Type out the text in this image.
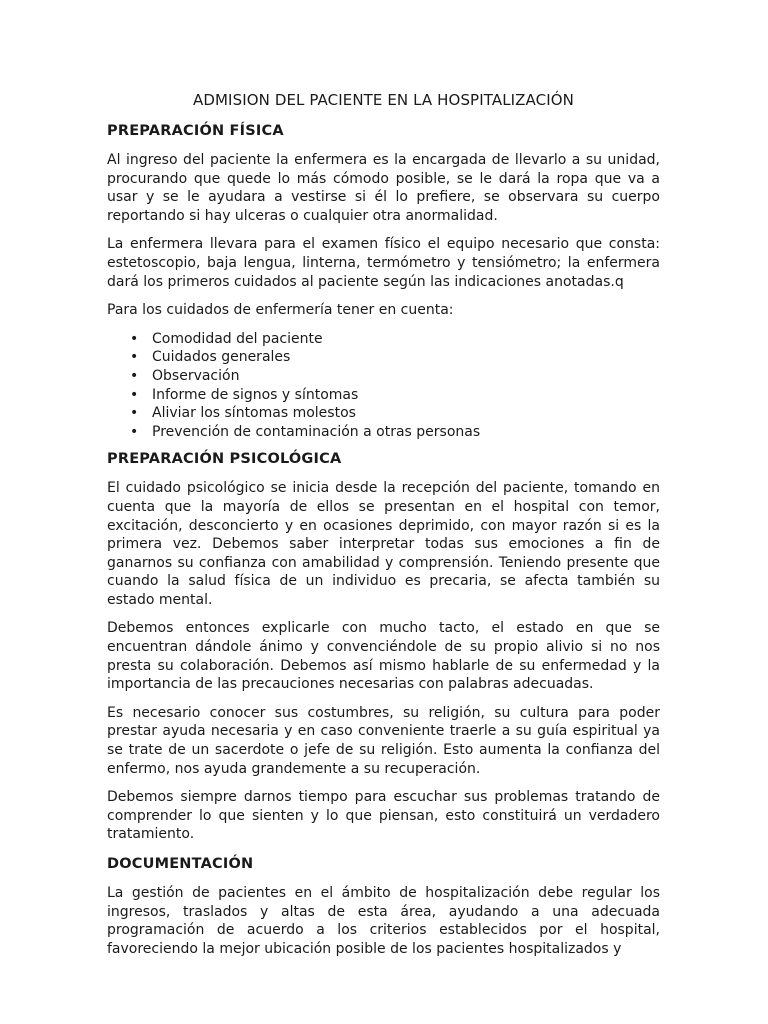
ADMISION DEL PACIENTE EN LA HOSPITALIZACIÓN
PREPARACIÓN FÍSICA

Al ingreso del paciente la enfermera es la encargada de llevarlo a su unidad, procurando que quede lo más cómodo posible, se le dará la ropa que va a usar y se le ayudara a vestirse si él lo prefiere, se observara su cuerpo reportando si hay ulceras o cualquier otra anormalidad.

La enfermera llevara para el examen físico el equipo necesario que consta: estetoscopio, baja lengua, linterna, termómetro y tensiómetro; la enfermera dará los primeros cuidados al paciente según las indicaciones anotadas.q

Para los cuidados de enfermería tener en cuenta:

• Comodidad del paciente
• Cuidados generales
• Observación
• Informe de signos y síntomas
• Aliviar los síntomas molestos
• Prevención de contaminación a otras personas
PREPARACIÓN PSICOLÓGICA

El cuidado psicológico se inicia desde la recepción del paciente, tomando en cuenta que la mayoría de ellos se presentan en el hospital con temor, excitación, desconcierto y en ocasiones deprimido, con mayor razón si es la primera vez. Debemos saber interpretar todas sus emociones a fin de ganarnos su confianza con amabilidad y comprensión. Teniendo presente que cuando la salud física de un individuo es precaria, se afecta también su estado mental.

Debemos entonces explicarle con mucho tacto, el estado en que se encuentran dándole ánimo y convenciéndole de su propio alivio si no nos presta su colaboración. Debemos así mismo hablarle de su enfermedad y la importancia de las precauciones necesarias con palabras adecuadas.

Es necesario conocer sus costumbres, su religión, su cultura para poder prestar ayuda necesaria y en caso conveniente traerle a su guía espiritual ya se trate de un sacerdote o jefe de su religión. Esto aumenta la confianza del enfermo, nos ayuda grandemente a su recuperación.

Debemos siempre darnos tiempo para escuchar sus problemas tratando de comprender lo que sienten y lo que piensan, esto constituirá un verdadero tratamiento.

DOCUMENTACIÓN

La gestión de pacientes en el ámbito de hospitalización debe regular los ingresos, traslados y altas de esta área, ayudando a una adecuada programación de acuerdo a los criterios establecidos por el hospital, favoreciendo la mejor ubicación posible de los pacientes hospitalizados y
